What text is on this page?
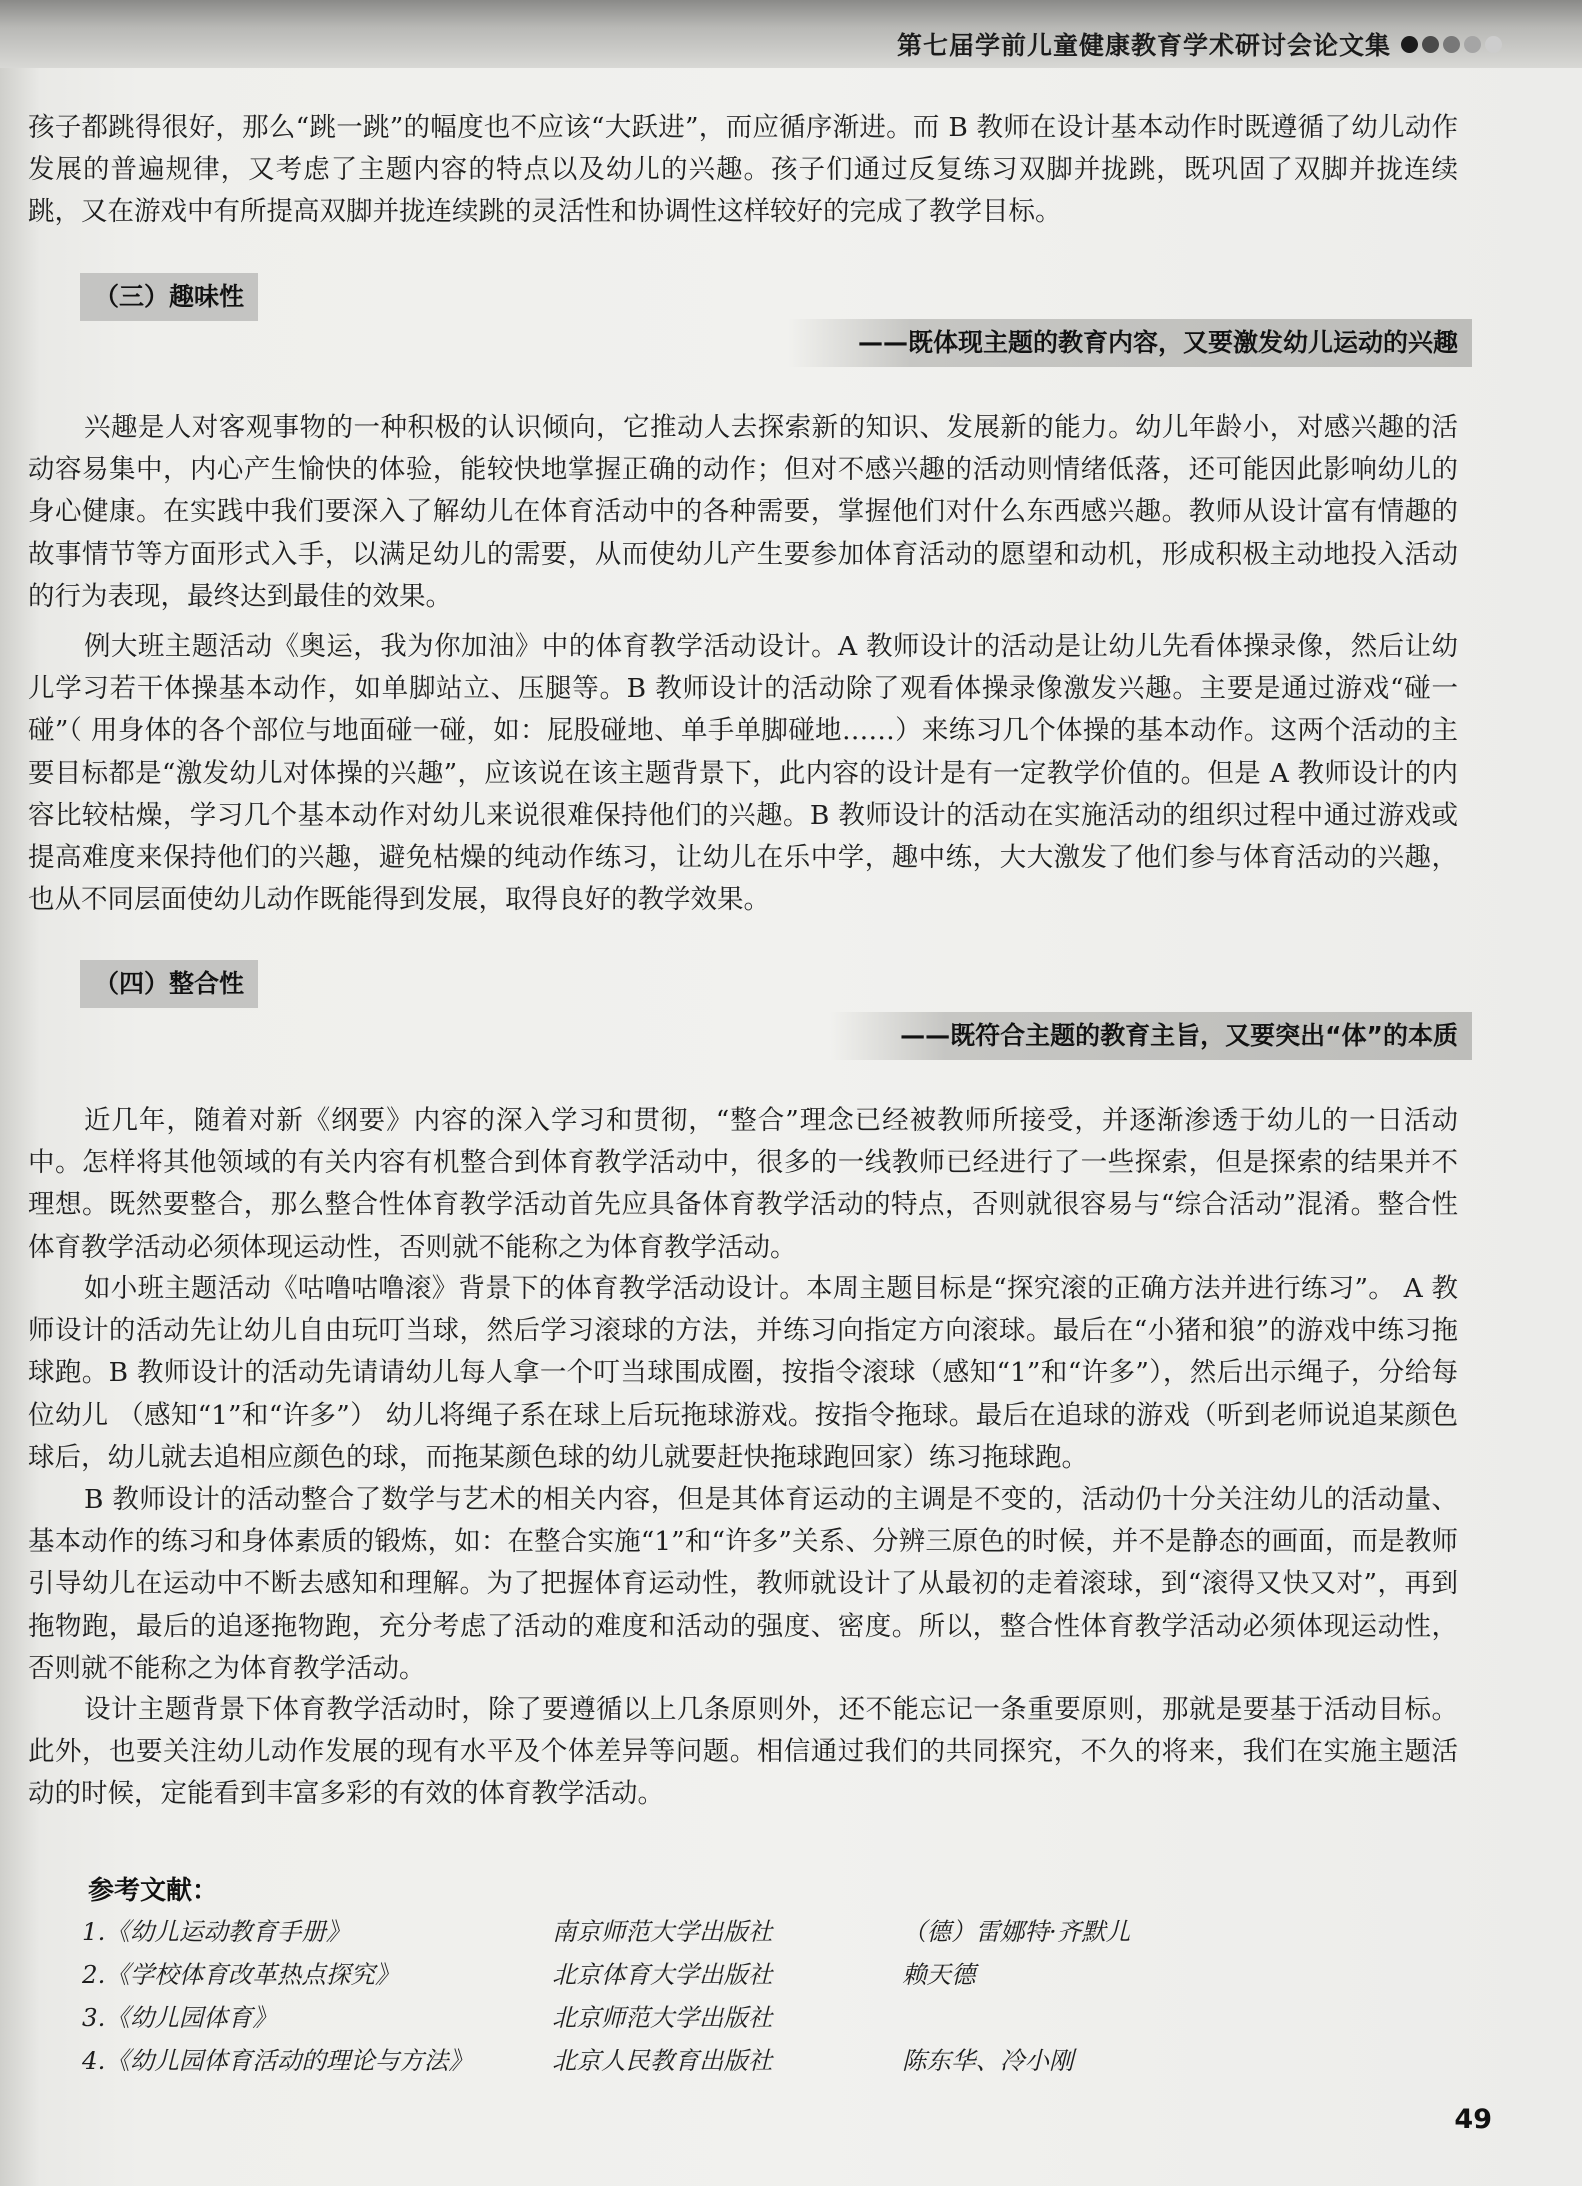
第七届学前儿童健康教育学术研讨会论文集

孩子都跳得很好，那么“跳一跳”的幅度也不应该“大跃进”，而应循序渐进。而 B 教师在设计基本动作时既遵循了幼儿动作发展的普遍规律，又考虑了主题内容的特点以及幼儿的兴趣。孩子们通过反复练习双脚并拢跳，既巩固了双脚并拢连续跳，又在游戏中有所提高双脚并拢连续跳的灵活性和协调性这样较好的完成了教学目标。

（三）趣味性
——既体现主题的教育内容，又要激发幼儿运动的兴趣

兴趣是人对客观事物的一种积极的认识倾向，它推动人去探索新的知识、发展新的能力。幼儿年龄小，对感兴趣的活动容易集中，内心产生愉快的体验，能较快地掌握正确的动作；但对不感兴趣的活动则情绪低落，还可能因此影响幼儿的身心健康。在实践中我们要深入了解幼儿在体育活动中的各种需要，掌握他们对什么东西感兴趣。教师从设计富有情趣的故事情节等方面形式入手，以满足幼儿的需要，从而使幼儿产生要参加体育活动的愿望和动机，形成积极主动地投入活动的行为表现，最终达到最佳的效果。

例大班主题活动《奥运，我为你加油》中的体育教学活动设计。A 教师设计的活动是让幼儿先看体操录像，然后让幼儿学习若干体操基本动作，如单脚站立、压腿等。B 教师设计的活动除了观看体操录像激发兴趣。主要是通过游戏“碰一碰”（ 用身体的各个部位与地面碰一碰，如：屁股碰地、单手单脚碰地……）来练习几个体操的基本动作。这两个活动的主要目标都是“激发幼儿对体操的兴趣”，应该说在该主题背景下，此内容的设计是有一定教学价值的。但是 A 教师设计的内容比较枯燥，学习几个基本动作对幼儿来说很难保持他们的兴趣。B 教师设计的活动在实施活动的组织过程中通过游戏或提高难度来保持他们的兴趣，避免枯燥的纯动作练习，让幼儿在乐中学，趣中练，大大激发了他们参与体育活动的兴趣，也从不同层面使幼儿动作既能得到发展，取得良好的教学效果。

（四）整合性
——既符合主题的教育主旨，又要突出“体”的本质

近几年，随着对新《纲要》内容的深入学习和贯彻，“整合”理念已经被教师所接受，并逐渐渗透于幼儿的一日活动中。怎样将其他领域的有关内容有机整合到体育教学活动中，很多的一线教师已经进行了一些探索，但是探索的结果并不理想。既然要整合，那么整合性体育教学活动首先应具备体育教学活动的特点，否则就很容易与“综合活动”混淆。整合性体育教学活动必须体现运动性，否则就不能称之为体育教学活动。

如小班主题活动《咕噜咕噜滚》背景下的体育教学活动设计。本周主题目标是“探究滚的正确方法并进行练习”。 A 教师设计的活动先让幼儿自由玩叮当球，然后学习滚球的方法，并练习向指定方向滚球。最后在“小猪和狼”的游戏中练习拖球跑。B 教师设计的活动先请请幼儿每人拿一个叮当球围成圈，按指令滚球（感知“1”和“许多”），然后出示绳子，分给每位幼儿 （感知“1”和“许多”） 幼儿将绳子系在球上后玩拖球游戏。按指令拖球。最后在追球的游戏（听到老师说追某颜色球后，幼儿就去追相应颜色的球，而拖某颜色球的幼儿就要赶快拖球跑回家）练习拖球跑。

B 教师设计的活动整合了数学与艺术的相关内容，但是其体育运动的主调是不变的，活动仍十分关注幼儿的活动量、基本动作的练习和身体素质的锻炼，如：在整合实施“1”和“许多”关系、分辨三原色的时候，并不是静态的画面，而是教师引导幼儿在运动中不断去感知和理解。为了把握体育运动性，教师就设计了从最初的走着滚球，到“滚得又快又对”，再到拖物跑，最后的追逐拖物跑，充分考虑了活动的难度和活动的强度、密度。所以，整合性体育教学活动必须体现运动性，否则就不能称之为体育教学活动。

设计主题背景下体育教学活动时，除了要遵循以上几条原则外，还不能忘记一条重要原则，那就是要基于活动目标。此外，也要关注幼儿动作发展的现有水平及个体差异等问题。相信通过我们的共同探究，不久的将来，我们在实施主题活动的时候，定能看到丰富多彩的有效的体育教学活动。

参考文献：
1.《幼儿运动教育手册》	南京师范大学出版社	（德）雷娜特·齐默儿
2.《学校体育改革热点探究》	北京体育大学出版社	赖天德
3.《幼儿园体育》	北京师范大学出版社
4.《幼儿园体育活动的理论与方法》	北京人民教育出版社	陈东华、冷小刚
49
